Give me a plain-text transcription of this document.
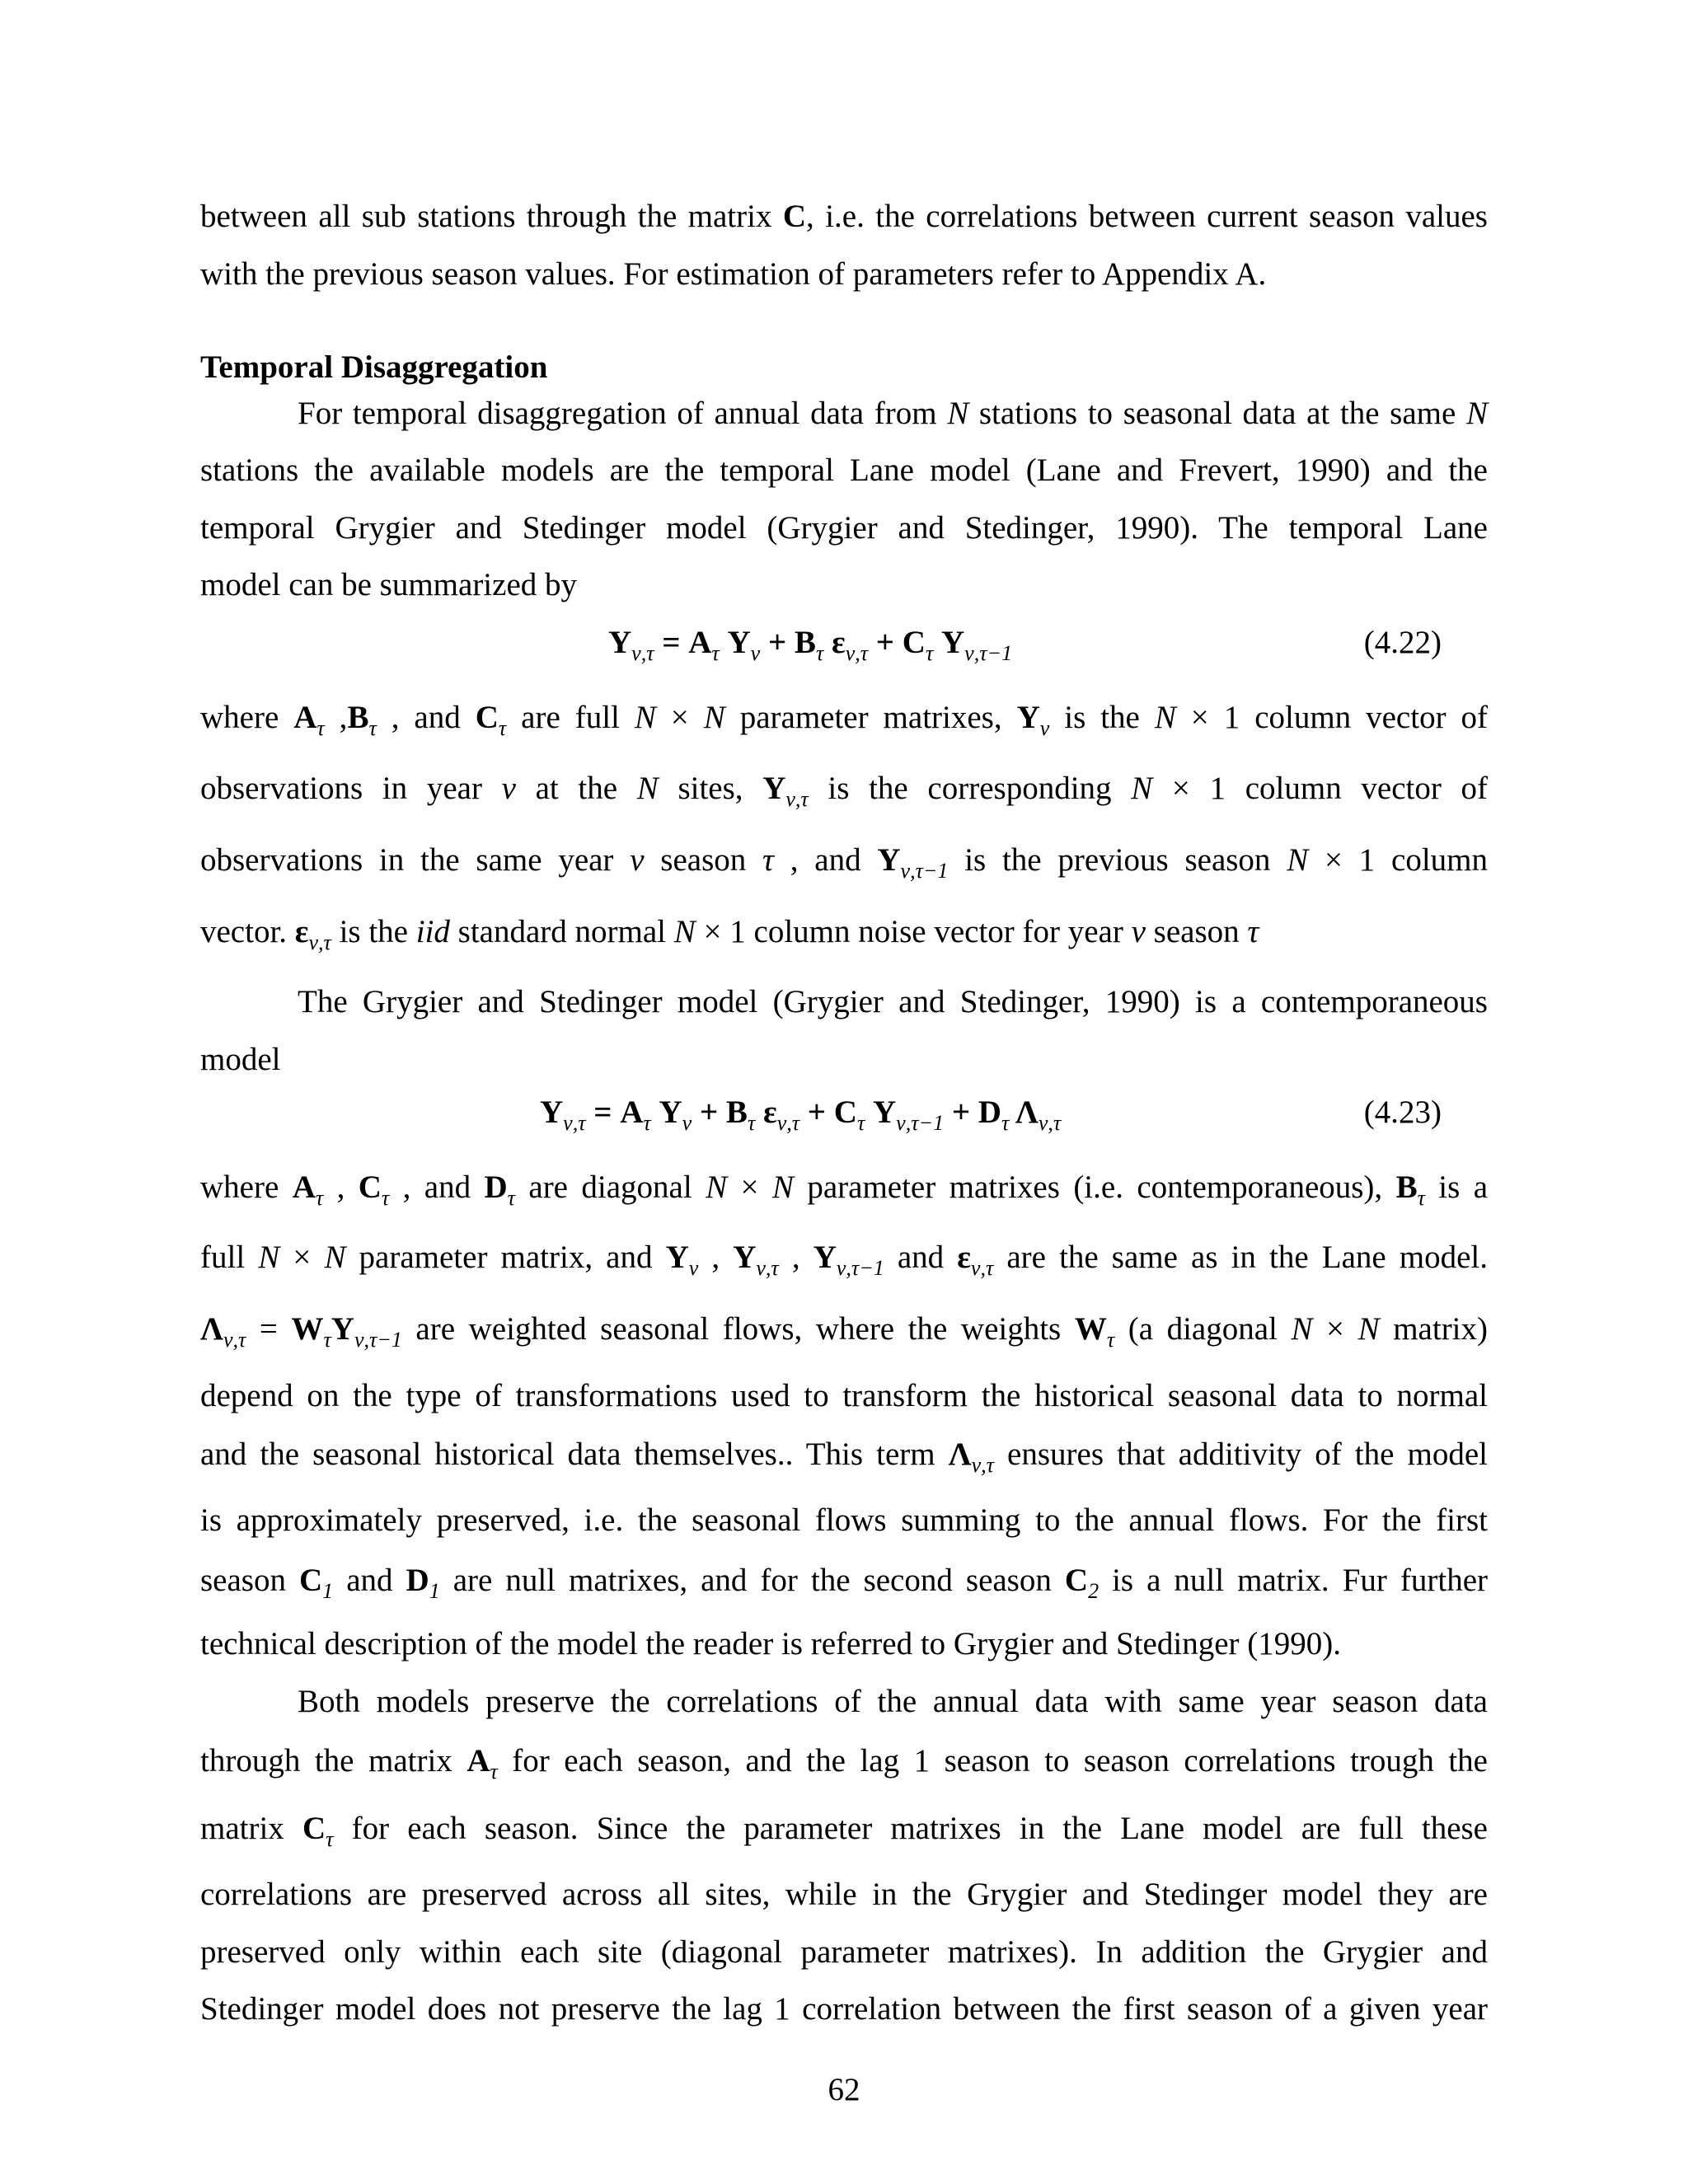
between all sub stations through the matrix C, i.e. the correlations between current season values
with the previous season values. For estimation of parameters refer to Appendix A.
Temporal Disaggregation
For temporal disaggregation of annual data from N stations to seasonal data at the same N
stations the available models are the temporal Lane model (Lane and Frevert, 1990) and the
temporal Grygier and Stedinger model (Grygier and Stedinger, 1990). The temporal Lane
model can be summarized by
where $A_\tau$ $,B_\tau$ , and $C_\tau$ are full N × N parameter matrixes, $Y_\nu$ is the N × 1 column vector of
observations in year ν at the N sites, $Y_{\nu,\tau}$ is the corresponding N × 1 column vector of
observations in the same year ν season τ , and $Y_{\nu,\tau-1}$ is the previous season N × 1 column
vector. $\varepsilon_{\nu,\tau}$ is the iid standard normal N × 1 column noise vector for year ν season τ
The Grygier and Stedinger model (Grygier and Stedinger, 1990) is a contemporaneous
model
where $A_\tau$ , $C_\tau$ , and $D_\tau$ are diagonal N × N parameter matrixes (i.e. contemporaneous), $B_\tau$ is a
full N × N parameter matrix, and $Y_\nu$ , $Y_{\nu,\tau}$ , $Y_{\nu,\tau-1}$ and $\varepsilon_{\nu,\tau}$ are the same as in the Lane model.
$\Lambda_{\nu,\tau} = W_\tau Y_{\nu,\tau-1}$ are weighted seasonal flows, where the weights $W_\tau$ (a diagonal N × N matrix)
depend on the type of transformations used to transform the historical seasonal data to normal
and the seasonal historical data themselves.. This term $\Lambda_{\nu,\tau}$ ensures that additivity of the model
is approximately preserved, i.e. the seasonal flows summing to the annual flows. For the first
season $C_1$ and $D_1$ are null matrixes, and for the second season $C_2$ is a null matrix. Fur further
technical description of the model the reader is referred to Grygier and Stedinger (1990).
Both models preserve the correlations of the annual data with same year season data
through the matrix $A_\tau$ for each season, and the lag 1 season to season correlations trough the
matrix $C_\tau$ for each season. Since the parameter matrixes in the Lane model are full these
correlations are preserved across all sites, while in the Grygier and Stedinger model they are
preserved only within each site (diagonal parameter matrixes). In addition the Grygier and
Stedinger model does not preserve the lag 1 correlation between the first season of a given year
$Y_{\nu,\tau} = A_\tau$ $Y_\nu + B_\tau$ $\varepsilon_{\nu,\tau} + C_\tau$ $Y_{\nu,\tau-1}$	(4.22)
$Y_{\nu,\tau} = A_\tau$ $Y_\nu + B_\tau$ $\varepsilon_{\nu,\tau} + C_\tau$ $Y_{\nu,\tau-1} + D_\tau$ $\Lambda_{\nu,\tau}$	(4.23)
62
